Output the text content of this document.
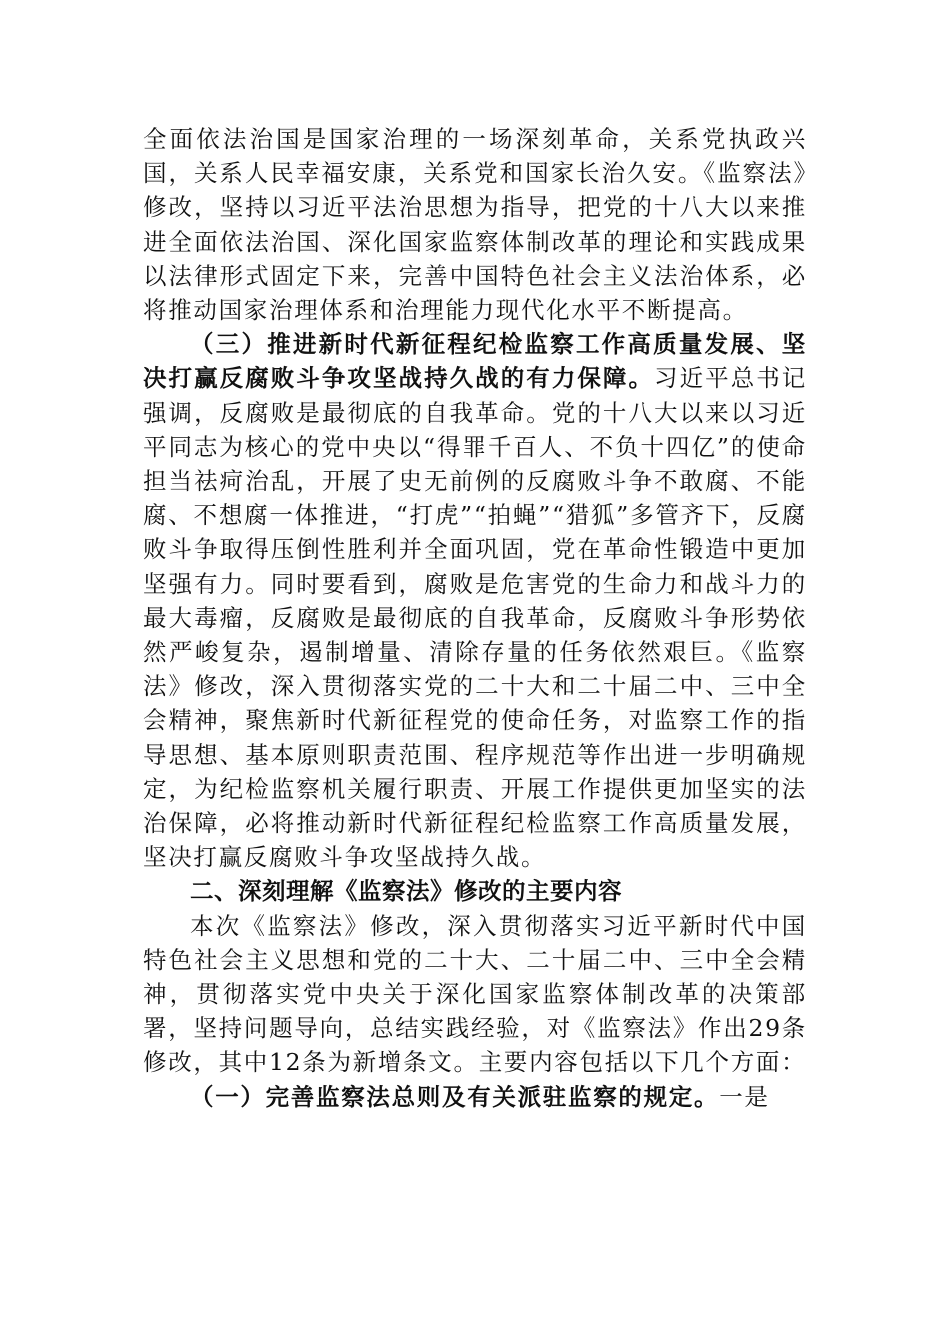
全面依法治国是国家治理的一场深刻革命，关系党执政兴国，关系人民幸福安康，关系党和国家长治久安。《监察法》修改，坚持以习近平法治思想为指导，把党的十八大以来推进全面依法治国、深化国家监察体制改革的理论和实践成果以法律形式固定下来，完善中国特色社会主义法治体系，必将推动国家治理体系和治理能力现代化水平不断提高。

（三）推进新时代新征程纪检监察工作高质量发展、坚决打赢反腐败斗争攻坚战持久战的有力保障。习近平总书记强调，反腐败是最彻底的自我革命。党的十八大以来以习近平同志为核心的党中央以“得罪千百人、不负十四亿”的使命担当祛疴治乱，开展了史无前例的反腐败斗争不敢腐、不能腐、不想腐一体推进，“打虎”“拍蝇”“猎狐”多管齐下，反腐败斗争取得压倒性胜利并全面巩固，党在革命性锻造中更加坚强有力。同时要看到，腐败是危害党的生命力和战斗力的最大毒瘤，反腐败是最彻底的自我革命，反腐败斗争形势依然严峻复杂，遏制增量、清除存量的任务依然艰巨。《监察法》修改，深入贯彻落实党的二十大和二十届二中、三中全会精神，聚焦新时代新征程党的使命任务，对监察工作的指导思想、基本原则职责范围、程序规范等作出进一步明确规定，为纪检监察机关履行职责、开展工作提供更加坚实的法治保障，必将推动新时代新征程纪检监察工作高质量发展，坚决打赢反腐败斗争攻坚战持久战。

二、深刻理解《监察法》修改的主要内容

本次《监察法》修改，深入贯彻落实习近平新时代中国特色社会主义思想和党的二十大、二十届二中、三中全会精神，贯彻落实党中央关于深化国家监察体制改革的决策部署，坚持问题导向，总结实践经验，对《监察法》作出29条修改，其中12条为新增条文。主要内容包括以下几个方面：

（一）完善监察法总则及有关派驻监察的规定。一是
